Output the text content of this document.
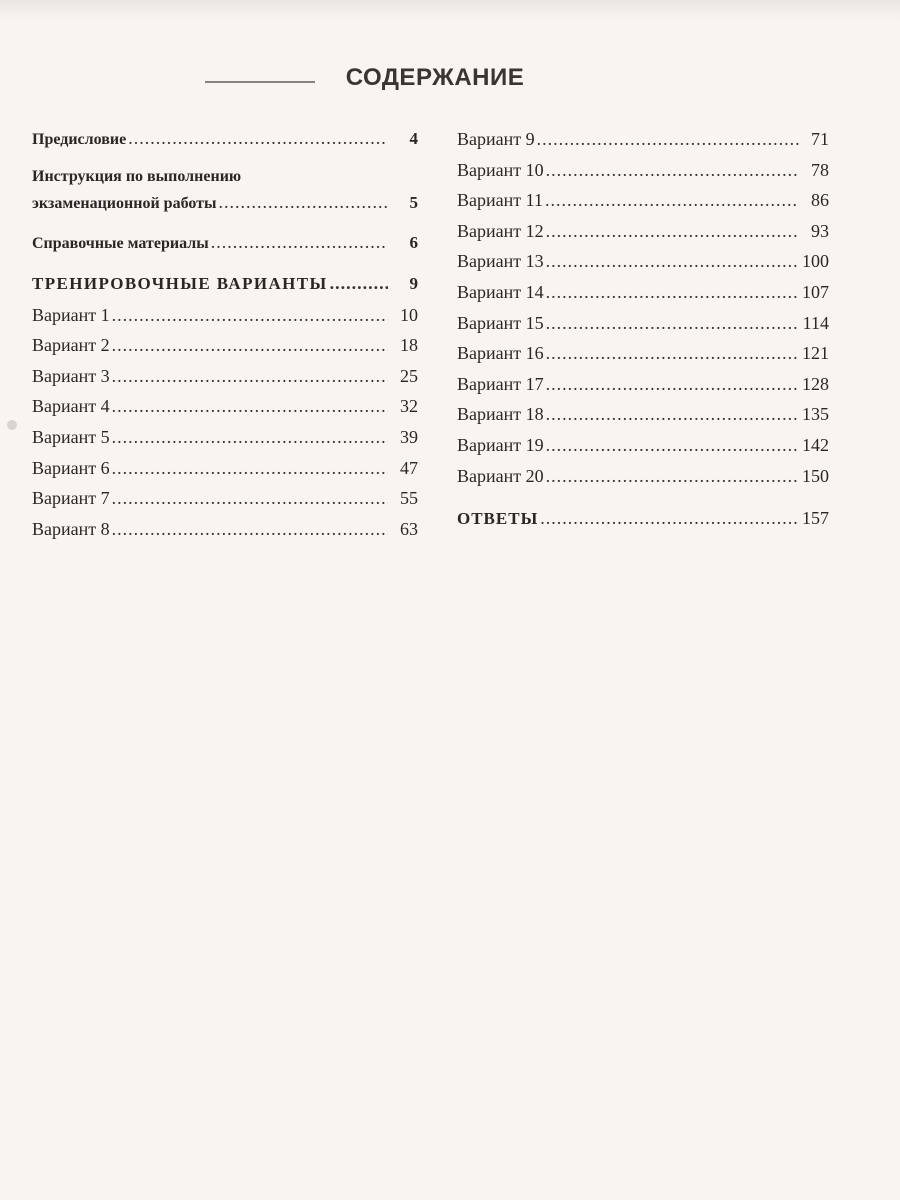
СОДЕРЖАНИЕ
Предисловие .....	4
Инструкция по выполнению
экзаменационной работы .....	5
Справочные материалы .....	6
ТРЕНИРОВОЧНЫЕ ВАРИАНТЫ .....	9
Вариант 1 .....	10
Вариант 2 .....	18
Вариант 3 .....	25
Вариант 4 .....	32
Вариант 5 .....	39
Вариант 6 .....	47
Вариант 7 .....	55
Вариант 8 .....	63
Вариант 9 .....	71
Вариант 10 .....	78
Вариант 11 .....	86
Вариант 12 .....	93
Вариант 13 .....	100
Вариант 14 .....	107
Вариант 15 .....	114
Вариант 16 .....	121
Вариант 17 .....	128
Вариант 18 .....	135
Вариант 19 .....	142
Вариант 20 .....	150
ОТВЕТЫ .....	157
